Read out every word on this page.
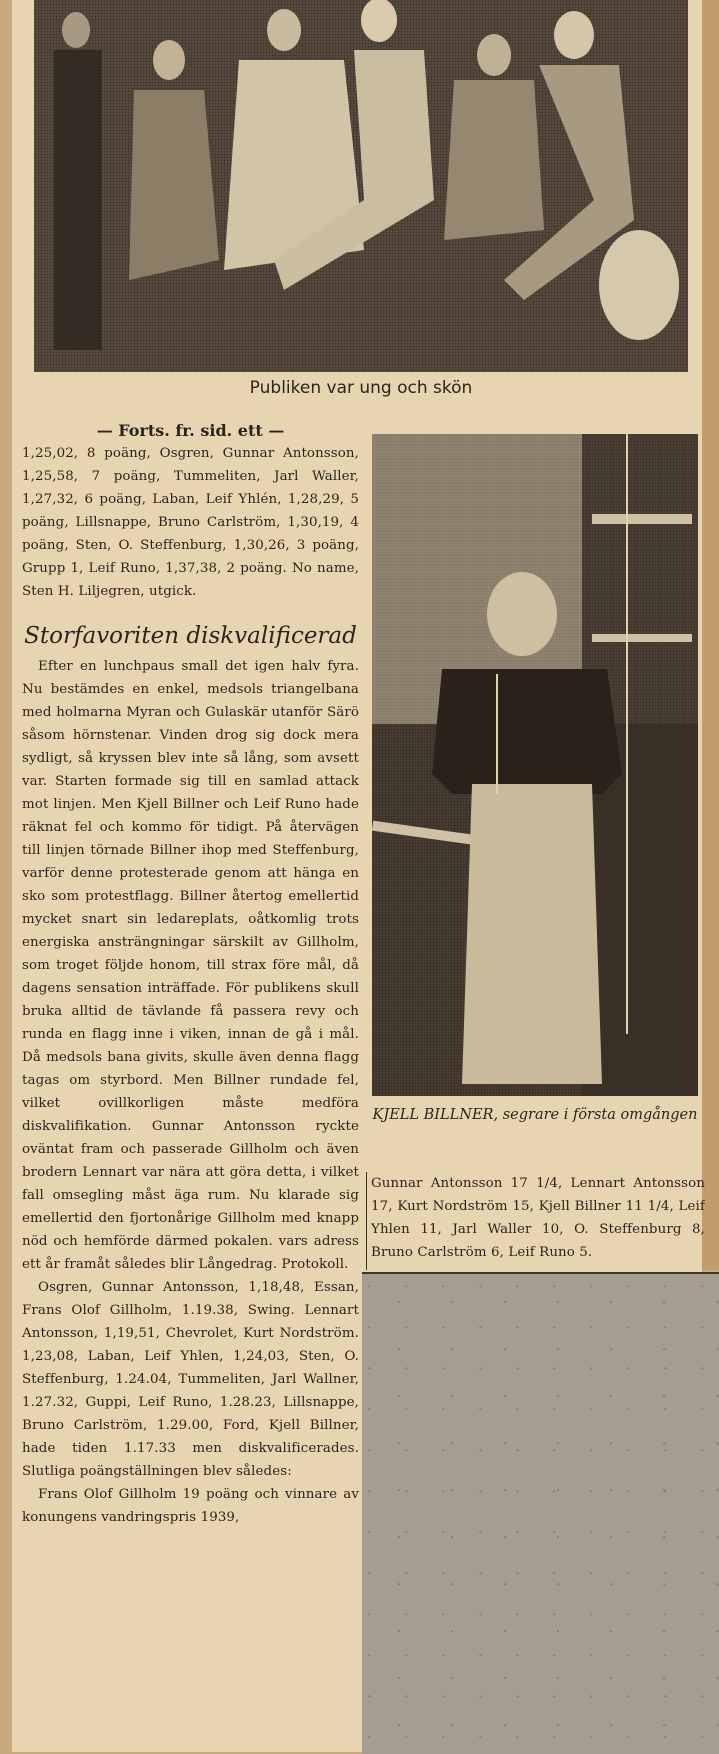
Publiken var ung och skön
— Forts. fr. sid. ett —

1,25,02, 8 poäng, Osgren, Gunnar Antonsson, 1,25,58, 7 poäng, Tummeliten, Jarl Waller, 1,27,32, 6 poäng, Laban, Leif Yhlén, 1,28,29, 5 poäng, Lillsnappe, Bruno Carlström, 1,30,19, 4 poäng, Sten, O. Steffenburg, 1,30,26, 3 poäng, Grupp 1, Leif Runo, 1,37,38, 2 poäng. No name, Sten H. Liljegren, utgick.

Storfavoriten diskvalificerad

Efter en lunchpaus small det igen halv fyra. Nu bestämdes en enkel, medsols triangelbana med holmarna Myran och Gulaskär utanför Särö såsom hörnstenar. Vinden drog sig dock mera sydligt, så kryssen blev inte så lång, som avsett var. Starten formade sig till en samlad attack mot linjen. Men Kjell Billner och Leif Runo hade räknat fel och kommo för tidigt. På återvägen till linjen törnade Billner ihop med Steffenburg, varför denne protesterade genom att hänga en sko som protestflagg. Billner återtog emellertid mycket snart sin ledareplats, oåtkomlig trots energiska ansträngningar särskilt av Gillholm, som troget följde honom, till strax före mål, då dagens sensation inträffade. För publikens skull bruka alltid de tävlande få passera revy och runda en flagg inne i viken, innan de gå i mål. Då medsols bana givits, skulle även denna flagg tagas om styrbord. Men Billner rundade fel, vilket ovillkorligen måste medföra diskvalifikation. Gunnar Antonsson ryckte oväntat fram och passerade Gillholm och även brodern Lennart var nära att göra detta, i vilket fall omsegling måst äga rum. Nu klarade sig emellertid den fjortonårige Gillholm med knapp nöd och hemförde därmed pokalen. vars adress ett år framåt således blir Långedrag. Protokoll.

Osgren, Gunnar Antonsson, 1,18,48, Essan, Frans Olof Gillholm, 1.19.38, Swing. Lennart Antonsson, 1,19,51, Chevrolet, Kurt Nordström. 1,23,08, Laban, Leif Yhlen, 1,24,03, Sten, O. Steffenburg, 1.24.04, Tummeliten, Jarl Wallner, 1.27.32, Guppi, Leif Runo, 1.28.23, Lillsnappe, Bruno Carlström, 1.29.00, Ford, Kjell Billner, hade tiden 1.17.33 men diskvalificerades. Slutliga poängställningen blev således:

Frans Olof Gillholm 19 poäng och vinnare av konungens vandringspris 1939,

KJELL BILLNER, segrare i första omgången

Gunnar Antonsson 17 1/4, Lennart Antonsson 17, Kurt Nordström 15, Kjell Billner 11 1/4, Leif Yhlen 11, Jarl Waller 10, O. Steffenburg 8, Bruno Carlström 6, Leif Runo 5.
